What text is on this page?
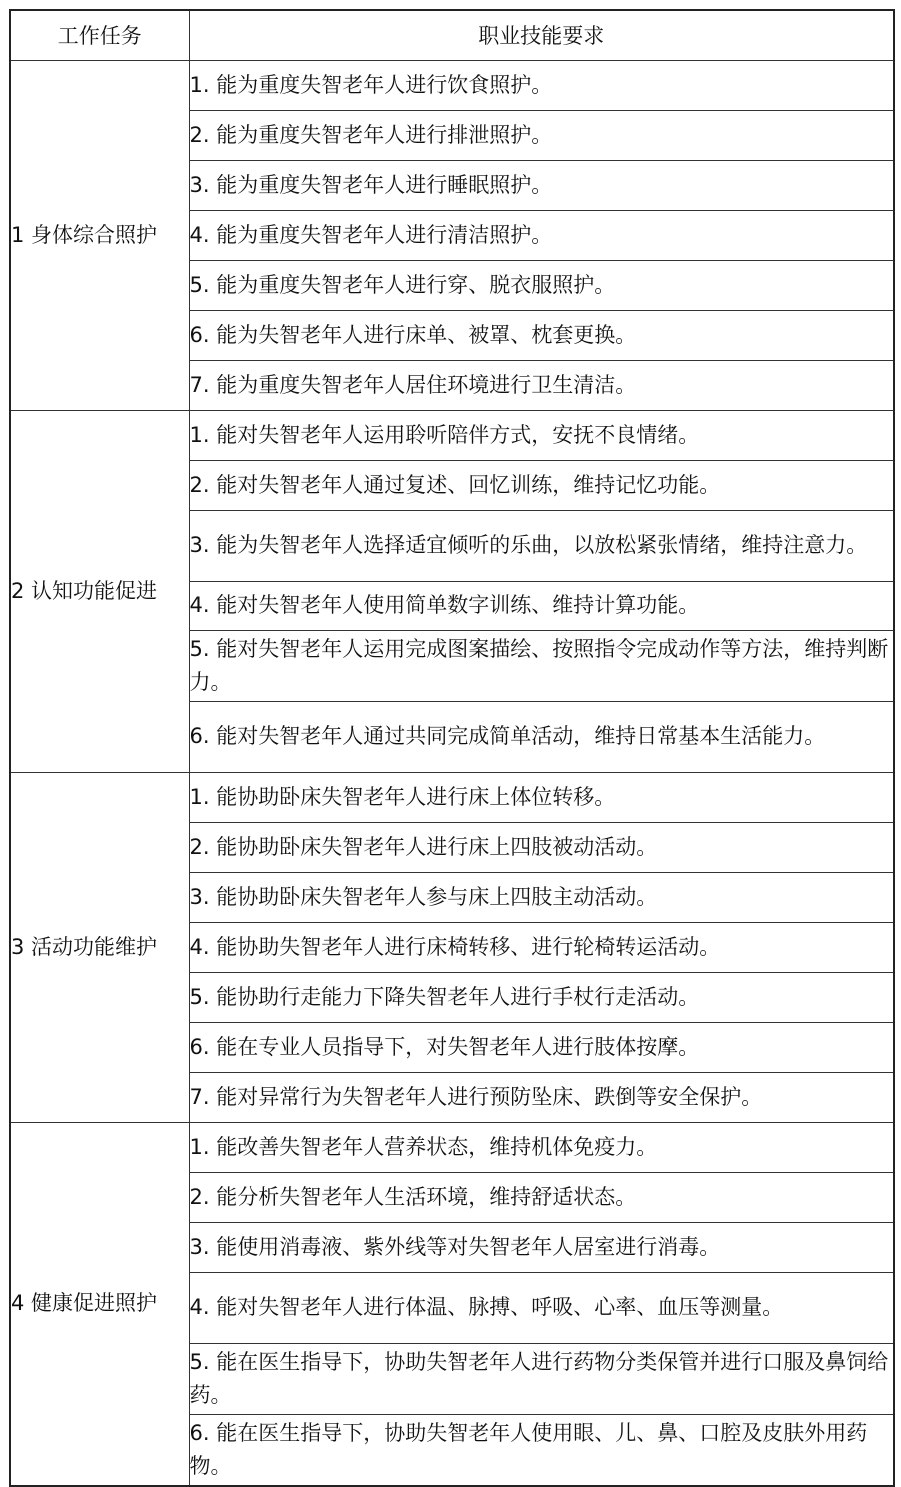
工作任务	职业技能要求
1 身体综合照护	1. 能为重度失智老年人进行饮食照护。
	2. 能为重度失智老年人进行排泄照护。
	3. 能为重度失智老年人进行睡眠照护。
	4. 能为重度失智老年人进行清洁照护。
	5. 能为重度失智老年人进行穿、脱衣服照护。
	6. 能为失智老年人进行床单、被罩、枕套更换。
	7. 能为重度失智老年人居住环境进行卫生清洁。
2 认知功能促进	1. 能对失智老年人运用聆听陪伴方式，安抚不良情绪。
	2. 能对失智老年人通过复述、回忆训练，维持记忆功能。
	3. 能为失智老年人选择适宜倾听的乐曲，以放松紧张情绪，维持注意力。
	4. 能对失智老年人使用简单数字训练、维持计算功能。
	5. 能对失智老年人运用完成图案描绘、按照指令完成动作等方法，维持判断力。
	6. 能对失智老年人通过共同完成简单活动，维持日常基本生活能力。
3 活动功能维护	1. 能协助卧床失智老年人进行床上体位转移。
	2. 能协助卧床失智老年人进行床上四肢被动活动。
	3. 能协助卧床失智老年人参与床上四肢主动活动。
	4. 能协助失智老年人进行床椅转移、进行轮椅转运活动。
	5. 能协助行走能力下降失智老年人进行手杖行走活动。
	6. 能在专业人员指导下，对失智老年人进行肢体按摩。
	7. 能对异常行为失智老年人进行预防坠床、跌倒等安全保护。
4 健康促进照护	1. 能改善失智老年人营养状态，维持机体免疫力。
	2. 能分析失智老年人生活环境，维持舒适状态。
	3. 能使用消毒液、紫外线等对失智老年人居室进行消毒。
	4. 能对失智老年人进行体温、脉搏、呼吸、心率、血压等测量。
	5. 能在医生指导下，协助失智老年人进行药物分类保管并进行口服及鼻饲给药。
	6. 能在医生指导下，协助失智老年人使用眼、儿、鼻、口腔及皮肤外用药物。
